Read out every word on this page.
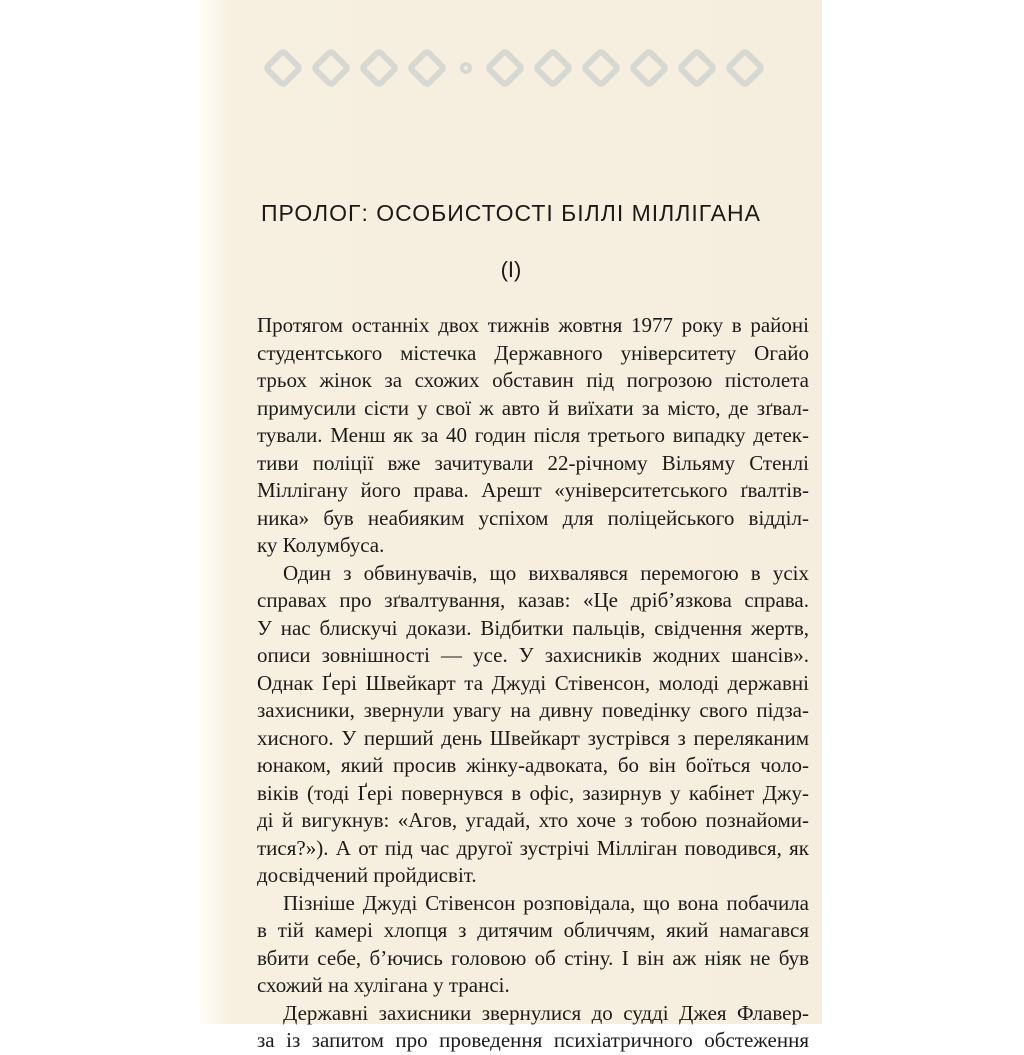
ПРОЛОГ: ОСОБИСТОСТІ БІЛЛІ МІЛЛІГАНА
(I)
Протягом останніх двох тижнів жовтня 1977 року в районі
студентського містечка Державного університету Огайо
трьох жінок за схожих обставин під погрозою пістолета
примусили сісти у свої ж авто й виїхати за місто, де зґвал-
тували. Менш як за 40 годин після третього випадку детек-
тиви поліції вже зачитували 22-річному Вільяму Стенлі
Міллігану його права. Арешт «університетського ґвалтів-
ника» був неабияким успіхом для поліцейського відділ-
ку Колумбуса.
Один з обвинувачів, що вихвалявся перемогою в усіх
справах про зґвалтування, казав: «Це дріб’язкова справа.
У нас блискучі докази. Відбитки пальців, свідчення жертв,
описи зовнішності — усе. У захисників жодних шансів».
Однак Ґері Швейкарт та Джуді Стівенсон, молоді державні
захисники, звернули увагу на дивну поведінку свого підза-
хисного. У перший день Швейкарт зустрівся з переляканим
юнаком, який просив жінку-адвоката, бо він боїться чоло-
віків (тоді Ґері повернувся в офіс, зазирнув у кабінет Джу-
ді й вигукнув: «Агов, угадай, хто хоче з тобою познайоми-
тися?»). А от під час другої зустрічі Мілліган поводився, як
досвідчений пройдисвіт.
Пізніше Джуді Стівенсон розповідала, що вона побачила
в тій камері хлопця з дитячим обличчям, який намагався
вбити себе, б’ючись головою об стіну. І він аж ніяк не був
схожий на хулігана у трансі.
Державні захисники звернулися до судді Джея Флавер-
за із запитом про проведення психіатричного обстеження
